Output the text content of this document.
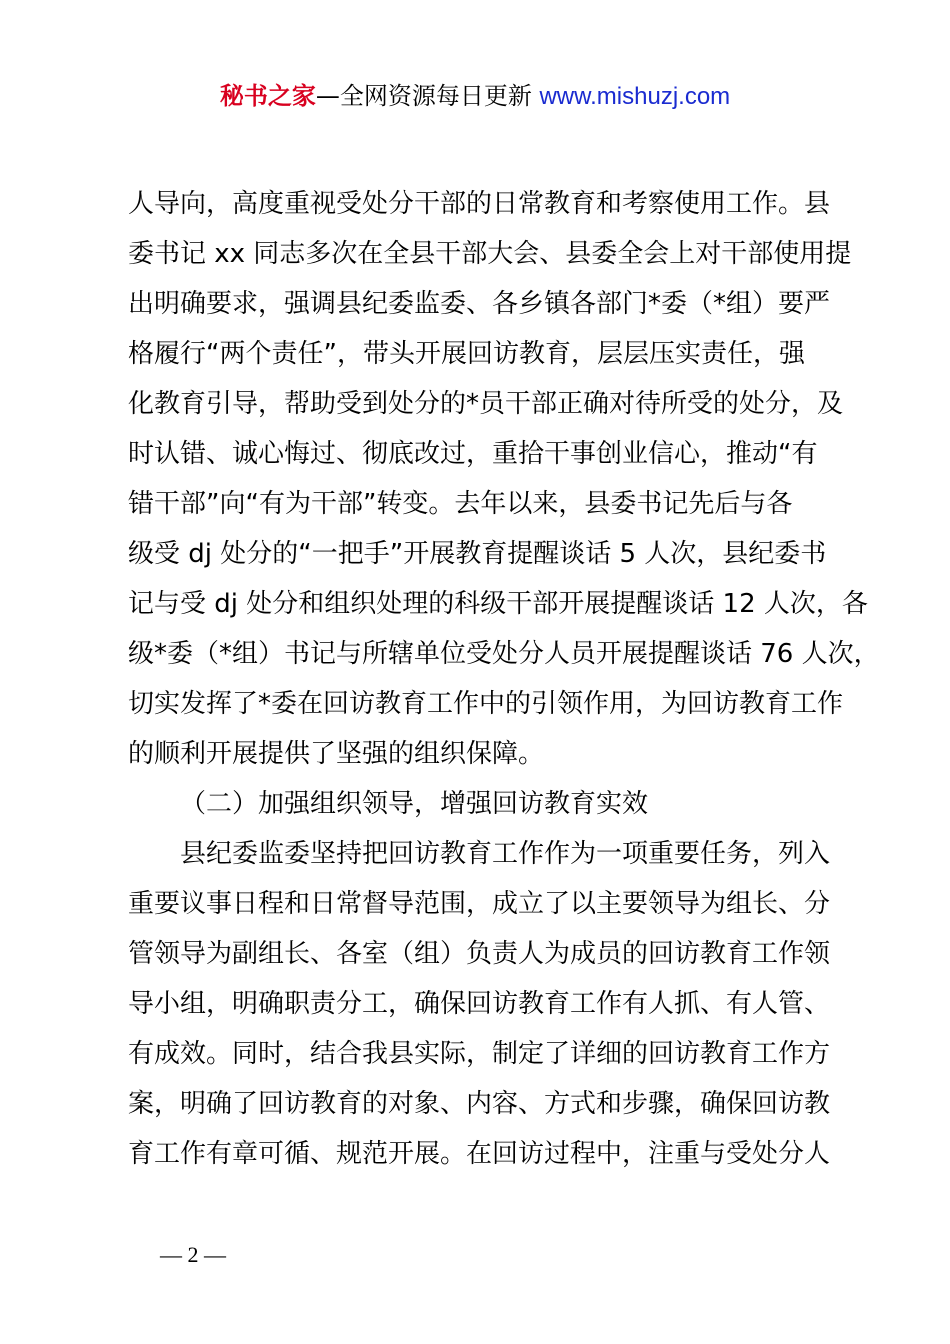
秘书之家—全网资源每日更新 www.mishuzj.com
人导向，高度重视受处分干部的日常教育和考察使用工作。县
委书记 xx 同志多次在全县干部大会、县委全会上对干部使用提
出明确要求，强调县纪委监委、各乡镇各部门*委（*组）要严
格履行“两个责任”，带头开展回访教育，层层压实责任，强
化教育引导，帮助受到处分的*员干部正确对待所受的处分，及
时认错、诚心悔过、彻底改过，重拾干事创业信心，推动“有
错干部”向“有为干部”转变。去年以来，县委书记先后与各
级受 dj 处分的“一把手”开展教育提醒谈话 5 人次，县纪委书
记与受 dj 处分和组织处理的科级干部开展提醒谈话 12 人次，各
级*委（*组）书记与所辖单位受处分人员开展提醒谈话 76 人次，
切实发挥了*委在回访教育工作中的引领作用，为回访教育工作
的顺利开展提供了坚强的组织保障。
（二）加强组织领导，增强回访教育实效
县纪委监委坚持把回访教育工作作为一项重要任务，列入
重要议事日程和日常督导范围，成立了以主要领导为组长、分
管领导为副组长、各室（组）负责人为成员的回访教育工作领
导小组，明确职责分工，确保回访教育工作有人抓、有人管、
有成效。同时，结合我县实际，制定了详细的回访教育工作方
案，明确了回访教育的对象、内容、方式和步骤，确保回访教
育工作有章可循、规范开展。在回访过程中，注重与受处分人
— 2 —
